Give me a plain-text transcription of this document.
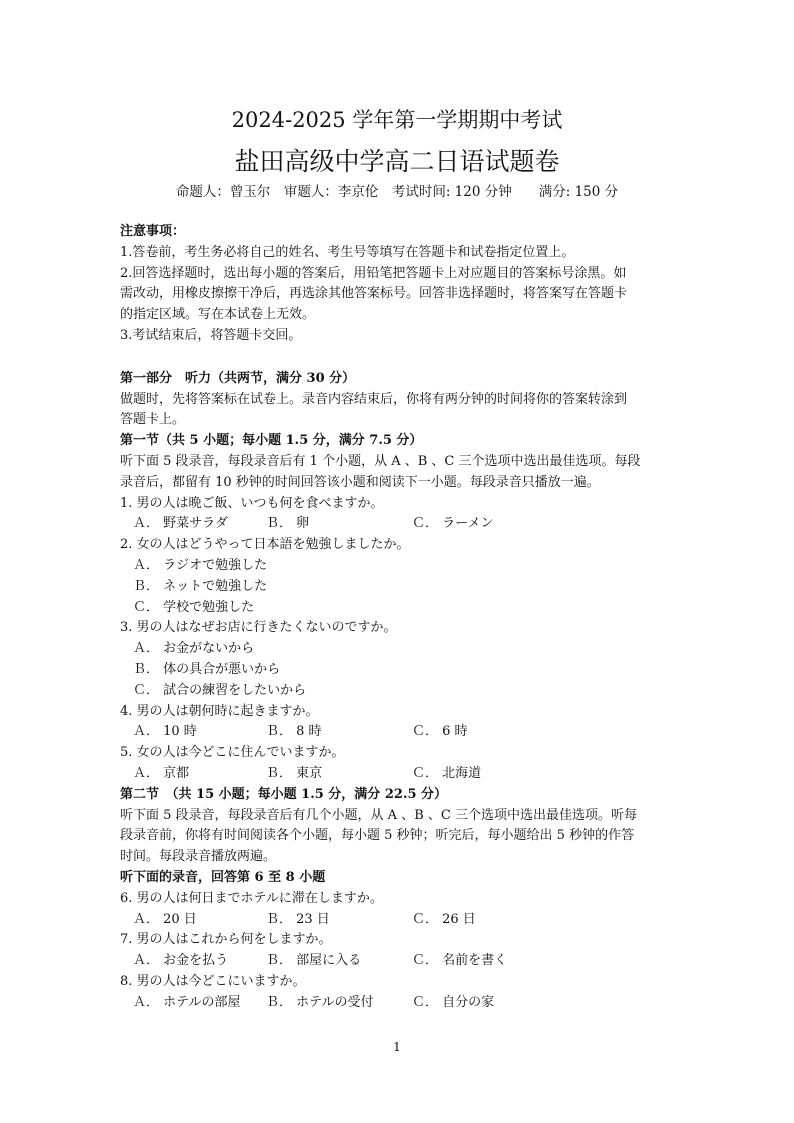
2024-2025 学年第一学期期中考试
盐田高级中学高二日语试题卷
命题人：曾玉尔　审题人：李京伦　考试时间: 120 分钟　　满分: 150 分

注意事项：

1.答卷前，考生务必将自己的姓名、考生号等填写在答题卡和试卷指定位置上。

2.回答选择题时，选出每小题的答案后，用铅笔把答题卡上对应题目的答案标号涂黑。如

需改动，用橡皮擦擦干净后，再选涂其他答案标号。回答非选择题时，将答案写在答题卡

的指定区域。写在本试卷上无效。

3.考试结束后，将答题卡交回。

第一部分　听力（共两节，满分 30 分）

做题时，先将答案标在试卷上。录音内容结束后，你将有两分钟的时间将你的答案转涂到

答题卡上。

第一节（共 5 小题；每小题 1.5 分，满分 7.5 分）

听下面 5 段录音，每段录音后有 1 个小题，从 A 、B 、C 三个选项中选出最佳选项。每段

录音后，都留有 10 秒钟的时间回答该小题和阅读下一小题。每段录音只播放一遍。

1. 男の人は晩ご飯、いつも何を食べますか。

Ａ． 野菜サラダ	Ｂ． 卵	Ｃ． ラーメン

2. 女の人はどうやって日本語を勉強しましたか。

Ａ． ラジオで勉強した

Ｂ． ネットで勉強した

Ｃ． 学校で勉強した

3. 男の人はなぜお店に行きたくないのですか。

Ａ． お金がないから

Ｂ． 体の具合が悪いから

Ｃ． 試合の練習をしたいから

4. 男の人は朝何時に起きますか。

Ａ． 10 時	Ｂ． 8 時	Ｃ． 6 時

5. 女の人は今どこに住んでいますか。

Ａ． 京都	Ｂ． 東京	Ｃ． 北海道

第二节　（共 15 小题；每小题 1.5 分，满分 22.5 分）

听下面 5 段录音，每段录音后有几个小题，从 A 、B 、C 三个选项中选出最佳选项。听每

段录音前，你将有时间阅读各个小题，每小题 5 秒钟；听完后，每小题给出 5 秒钟的作答

时间。每段录音播放两遍。

听下面的录音，回答第 6 至 8 小题

6. 男の人は何日までホテルに滞在しますか。

Ａ． 20 日	Ｂ． 23 日	Ｃ． 26 日

7. 男の人はこれから何をしますか。

Ａ． お金を払う	Ｂ． 部屋に入る	Ｃ． 名前を書く

8. 男の人は今どこにいますか。

Ａ． ホテルの部屋	Ｂ． ホテルの受付	Ｃ． 自分の家
1
